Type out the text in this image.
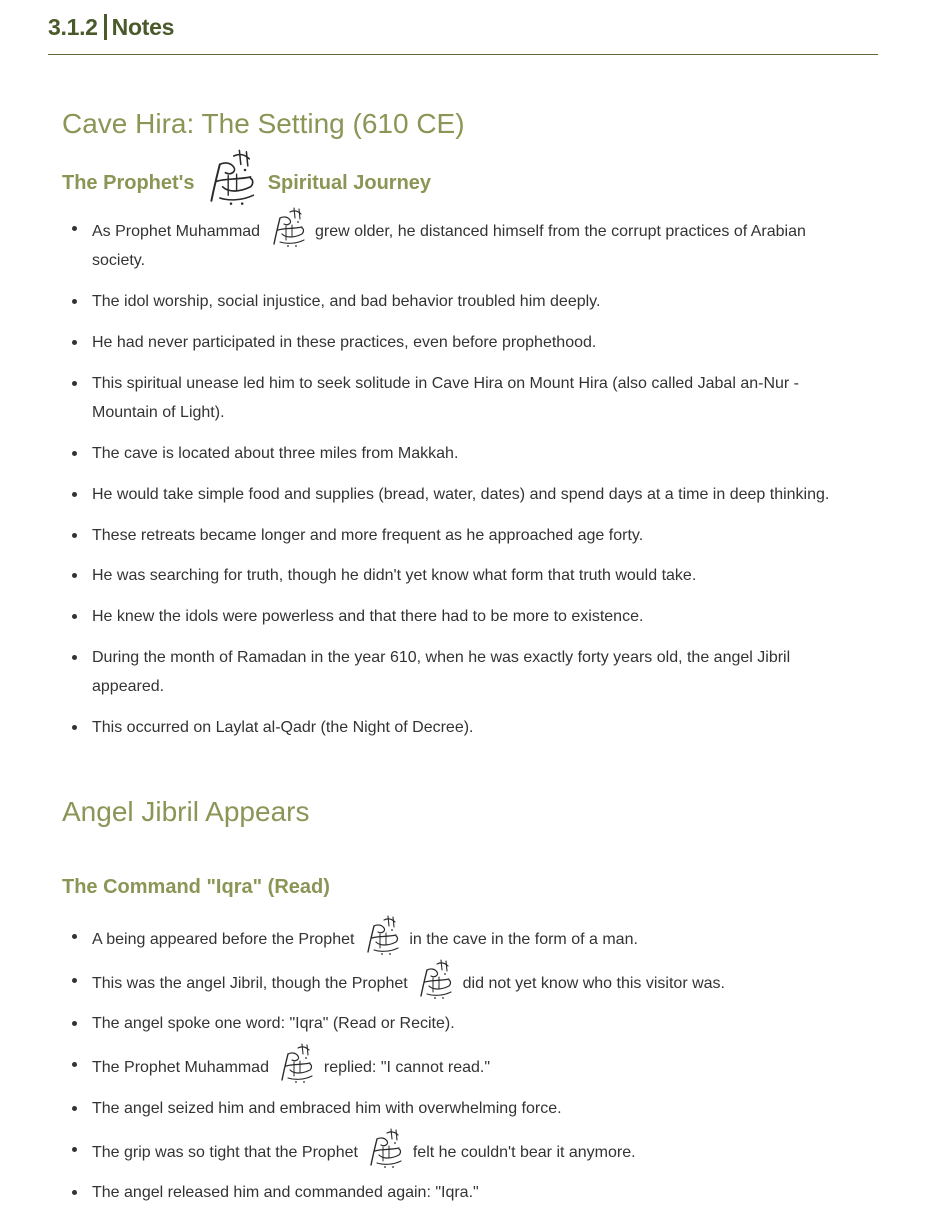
3.1.2 Notes
Cave Hira: The Setting (610 CE)
The Prophet's	Spiritual Journey
As Prophet Muhammad	grew older, he distanced himself from the corrupt practices of Arabian society.
The idol worship, social injustice, and bad behavior troubled him deeply.
He had never participated in these practices, even before prophethood.
This spiritual unease led him to seek solitude in Cave Hira on Mount Hira (also called Jabal an-Nur - Mountain of Light).
The cave is located about three miles from Makkah.
He would take simple food and supplies (bread, water, dates) and spend days at a time in deep thinking.
These retreats became longer and more frequent as he approached age forty.
He was searching for truth, though he didn't yet know what form that truth would take.
He knew the idols were powerless and that there had to be more to existence.
During the month of Ramadan in the year 610, when he was exactly forty years old, the angel Jibril appeared.
This occurred on Laylat al-Qadr (the Night of Decree).
Angel Jibril Appears
The Command "Iqra" (Read)
A being appeared before the Prophet	in the cave in the form of a man.
This was the angel Jibril, though the Prophet	did not yet know who this visitor was.
The angel spoke one word: "Iqra" (Read or Recite).
The Prophet Muhammad	replied: "I cannot read."
The angel seized him and embraced him with overwhelming force.
The grip was so tight that the Prophet	felt he couldn't bear it anymore.
The angel released him and commanded again: "Iqra."
